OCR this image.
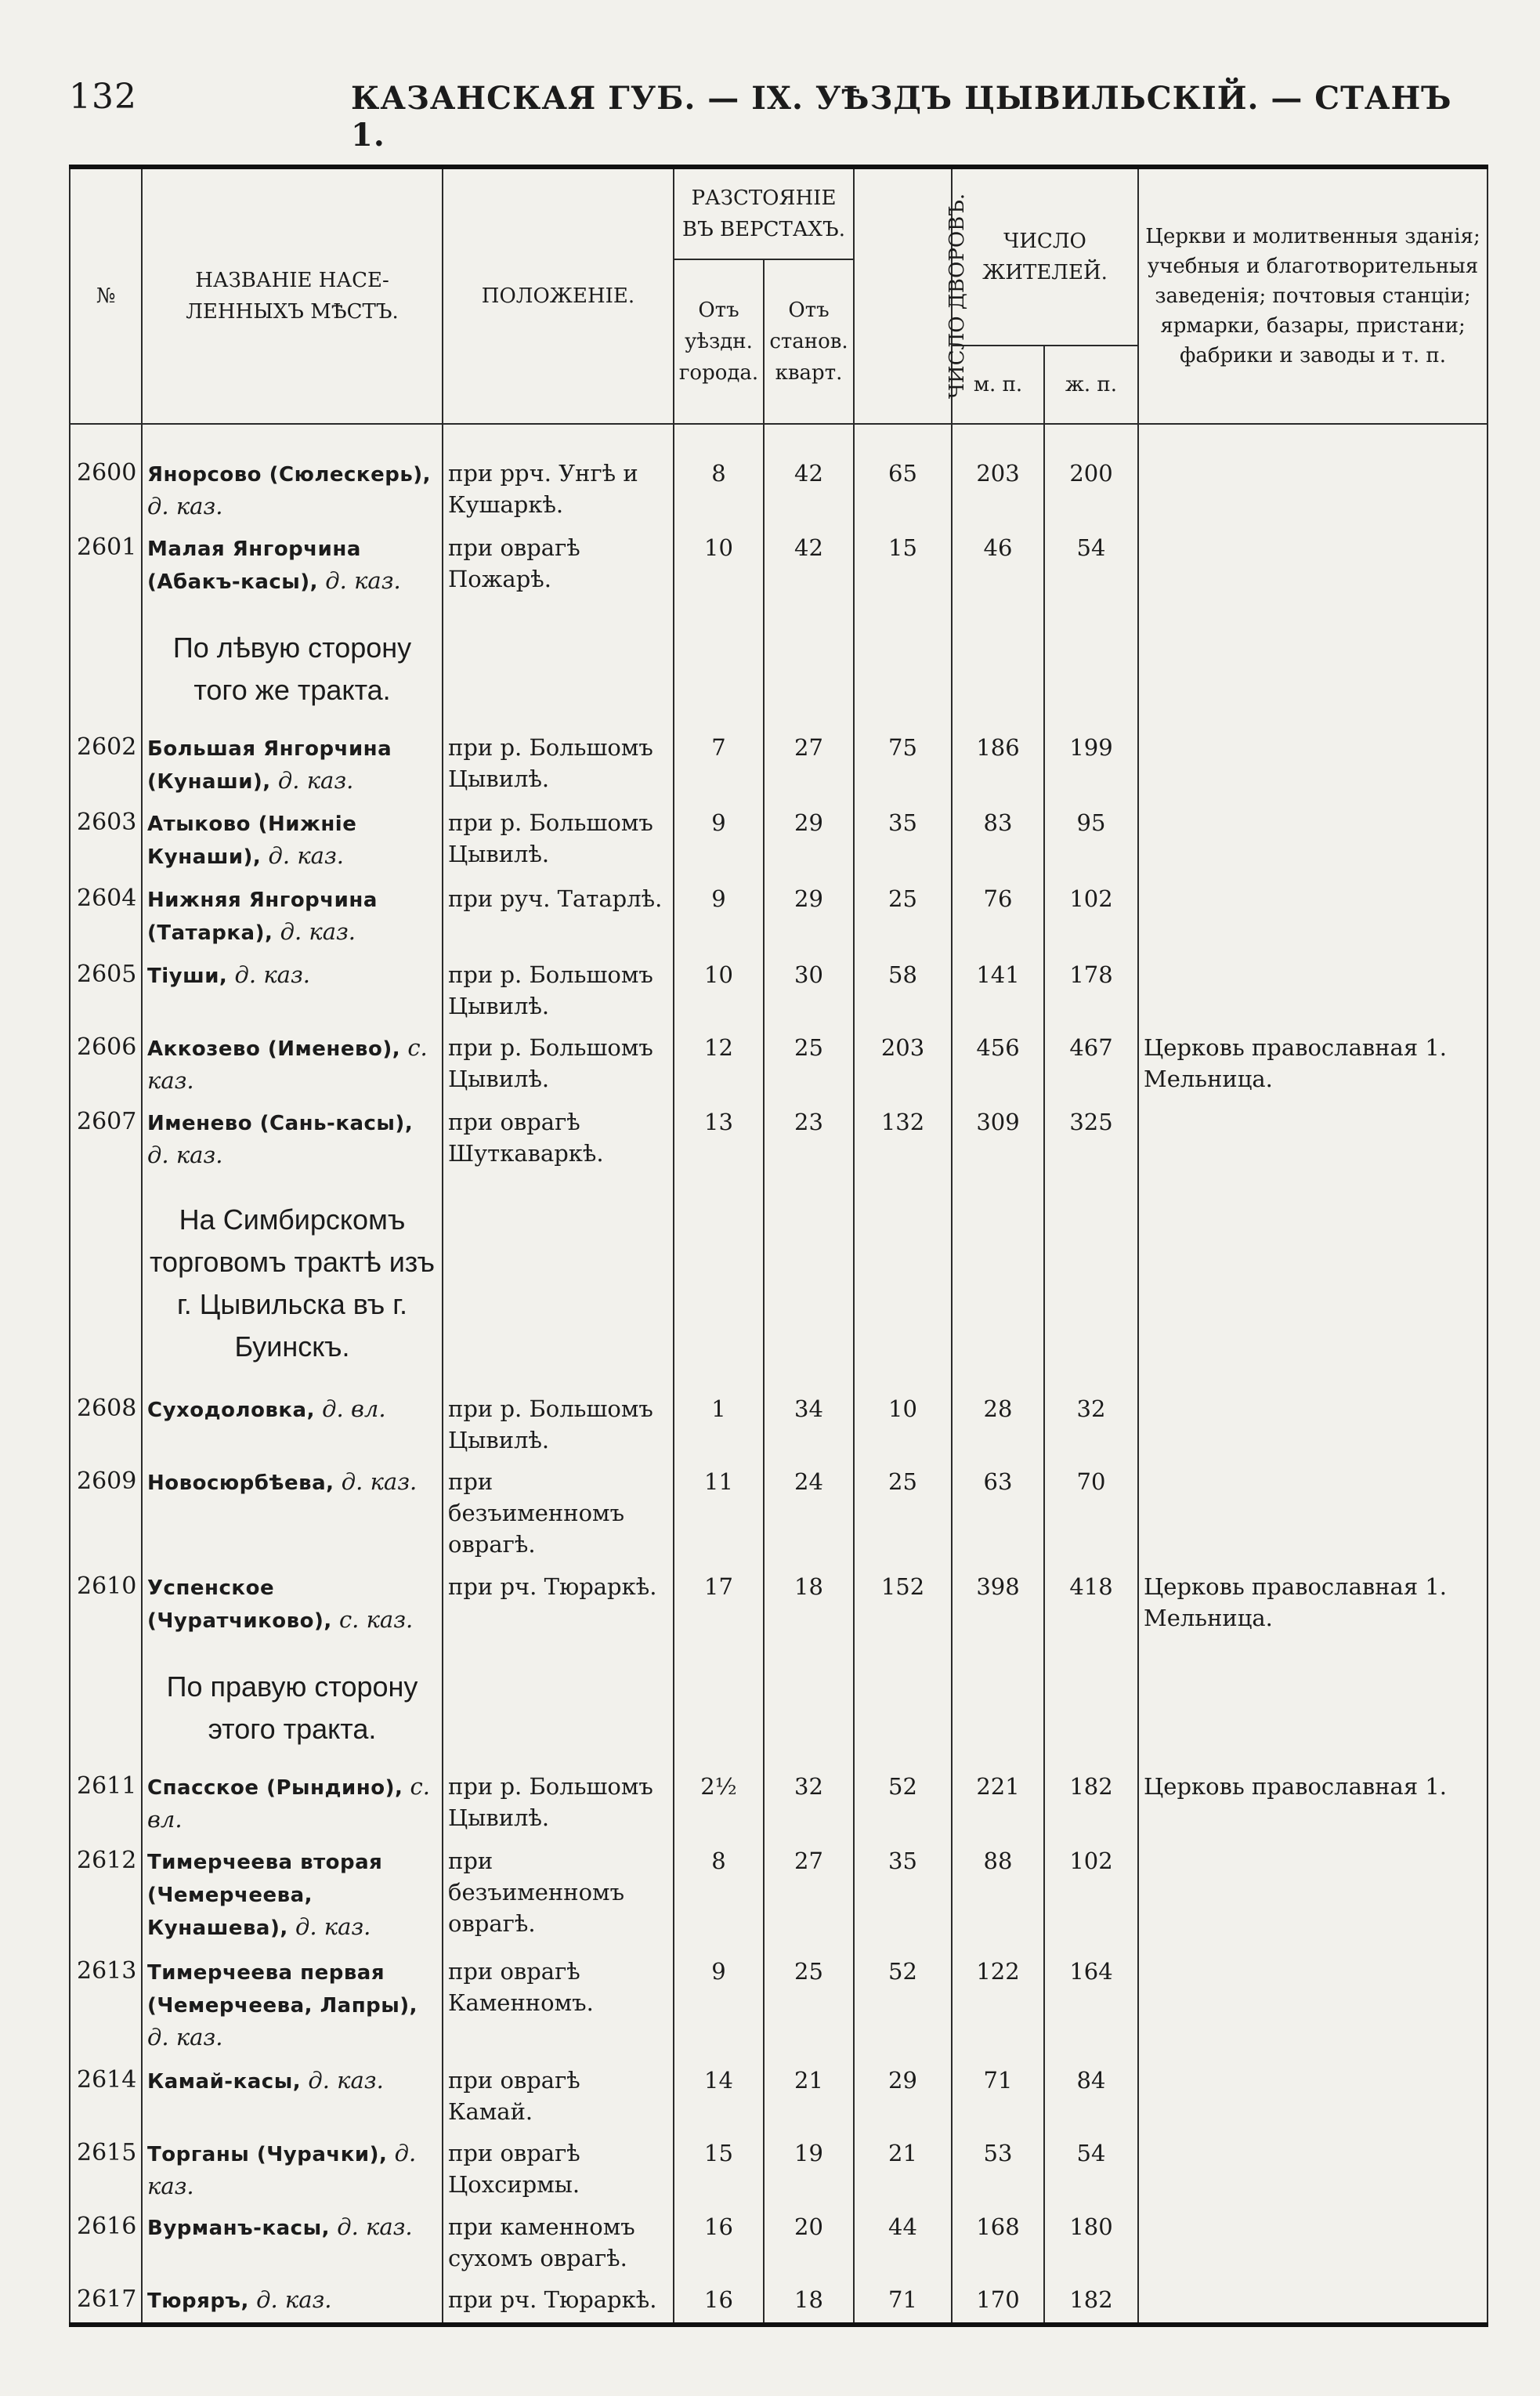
132	КАЗАНСКАЯ ГУБ. — IX. УѢЗДЪ ЦЫВИЛЬСКІЙ. — СТАНЪ 1.
№	НАЗВАНІЕ НАСЕ- ЛЕННЫХЪ МѢСТЪ.	ПОЛОЖЕНІЕ.	РАЗСТОЯНІЕ ВЪ ВЕРСТАХЪ.		ЧИСЛО ДВОРОВЪ.	ЧИСЛО ЖИТЕЛЕЙ.		Церкви и молитвенныя зданія; учебныя и благотворительныя заведенія; почтовыя станціи; ярмарки, базары, пристани; фабрики и заводы и т. п.
			Отъ уѣздн. города.	Отъ станов. кварт.				
						м. п.	ж. п.	

2600	Янорсово (Сюлескерь), д. каз.	при ррч. Унгѣ и Кушаркѣ.	8	42	65	203	200	
2601	Малая Янгорчина (Абакъ-касы), д. каз.	при оврагѣ Пожарѣ.	10	42	15	46	54	
	По лѣвую сторону того же тракта.							
2602	Большая Янгорчина (Кунаши), д. каз.	при р. Большомъ Цывилѣ.	7	27	75	186	199	
2603	Атыково (Нижніе Кунаши), д. каз.	при р. Большомъ Цывилѣ.	9	29	35	83	95	
2604	Нижняя Янгорчина (Татарка), д. каз.	при руч. Татарлѣ.	9	29	25	76	102	
2605	Тіуши, д. каз.	при р. Большомъ Цывилѣ.	10	30	58	141	178	
2606	Аккозево (Именево), с. каз.	при р. Большомъ Цывилѣ.	12	25	203	456	467	Церковь православная 1. Мельница.
2607	Именево (Сань-касы), д. каз.	при оврагѣ Шуткаваркѣ.	13	23	132	309	325	
	На Симбирскомъ торговомъ трактѣ изъ г. Цывильска въ г. Буинскъ.							
2608	Суходоловка, д. вл.	при р. Большомъ Цывилѣ.	1	34	10	28	32	
2609	Новосюрбѣева, д. каз.	при безъименномъ оврагѣ.	11	24	25	63	70	
2610	Успенское (Чуратчиково), с. каз.	при рч. Тюраркѣ.	17	18	152	398	418	Церковь православная 1. Мельница.
	По правую сторону этого тракта.							
2611	Спасское (Рындино), с. вл.	при р. Большомъ Цывилѣ.	2½	32	52	221	182	Церковь православная 1.
2612	Тимерчеева вторая (Чемерчеева, Кунашева), д. каз.	при безъименномъ оврагѣ.	8	27	35	88	102	
2613	Тимерчеева первая (Чемерчеева, Лапры), д. каз.	при оврагѣ Каменномъ.	9	25	52	122	164	
2614	Камай-касы, д. каз.	при оврагѣ Камай.	14	21	29	71	84	
2615	Торганы (Чурачки), д. каз.	при оврагѣ Цохсирмы.	15	19	21	53	54	
2616	Вурманъ-касы, д. каз.	при каменномъ сухомъ оврагѣ.	16	20	44	168	180	
2617	Тюряръ, д. каз.	при рч. Тюраркѣ.	16	18	71	170	182	
